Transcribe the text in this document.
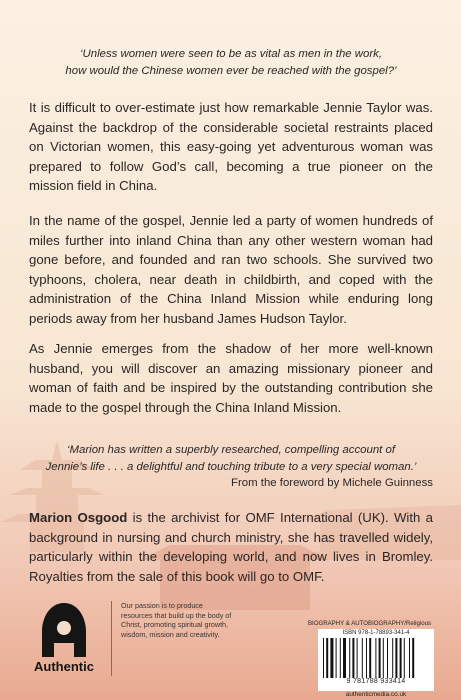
‘Unless women were seen to be as vital as men in the work,
how would the Chinese women ever be reached with the gospel?’
It is difficult to over-estimate just how remarkable Jennie Taylor was. Against the backdrop of the considerable societal restraints placed on Victorian women, this easy-going yet adventurous woman was prepared to follow God’s call, becoming a true pioneer on the mission field in China.
In the name of the gospel, Jennie led a party of women hundreds of miles further into inland China than any other western woman had gone before, and founded and ran two schools. She survived two typhoons, cholera, near death in childbirth, and coped with the administration of the China Inland Mission while enduring long periods away from her husband James Hudson Taylor.
As Jennie emerges from the shadow of her more well-known husband, you will discover an amazing missionary pioneer and woman of faith and be inspired by the outstanding contribution she made to the gospel through the China Inland Mission.
‘Marion has written a superbly researched, compelling account of
Jennie’s life . . . a delightful and touching tribute to a very special woman.’
From the foreword by Michele Guinness
Marion Osgood is the archivist for OMF International (UK). With a background in nursing and church ministry, she has travelled widely, particularly within the developing world, and now lives in Bromley. Royalties from the sale of this book will go to OMF.
Authentic
Our passion is to produce resources that build up the body of Christ, promoting spiritual growth, wisdom, mission and creativity.
BIOGRAPHY & AUTOBIOGRAPHY/Religious
ISBN 978-1-78893-341-4
9 781788 933414
authenticmedia.co.uk
